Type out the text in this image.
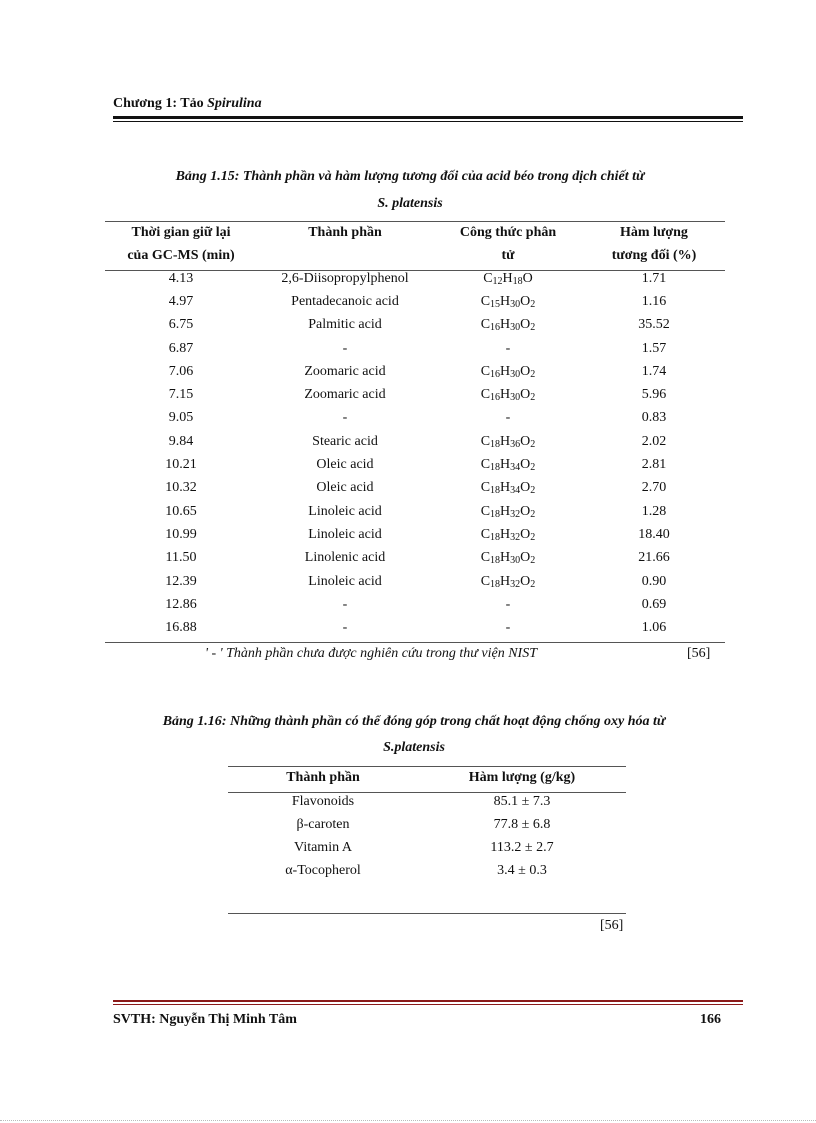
Chương 1: Tảo Spirulina
Bảng 1.15: Thành phần và hàm lượng tương đối của acid béo trong dịch chiết từ
S. platensis
Thời gian giữ lại	Thành phần	Công thức phân	Hàm lượng
của GC-MS (min)		tử	tương đối (%)
4.13	2,6-Diisopropylphenol	$C_{12}H_{18}O$	1.71
4.97	Pentadecanoic acid	$C_{15}H_{30}O_2$	1.16
6.75	Palmitic acid	$C_{16}H_{30}O_2$	35.52
6.87	-	-	1.57
7.06	Zoomaric acid	$C_{16}H_{30}O_2$	1.74
7.15	Zoomaric acid	$C_{16}H_{30}O_2$	5.96
9.05	-	-	0.83
9.84	Stearic acid	$C_{18}H_{36}O_2$	2.02
10.21	Oleic acid	$C_{18}H_{34}O_2$	2.81
10.32	Oleic acid	$C_{18}H_{34}O_2$	2.70
10.65	Linoleic acid	$C_{18}H_{32}O_2$	1.28
10.99	Linoleic acid	$C_{18}H_{32}O_2$	18.40
11.50	Linolenic acid	$C_{18}H_{30}O_2$	21.66
12.39	Linoleic acid	$C_{18}H_{32}O_2$	0.90
12.86	-	-	0.69
16.88	-	-	1.06
' - ' Thành phần chưa được nghiên cứu trong thư viện NIST	[56]
Bảng 1.16: Những thành phần có thể đóng góp trong chất hoạt động chống oxy hóa từ
S.platensis
Thành phần	Hàm lượng (g/kg)
Flavonoids	85.1 ± 7.3
β-caroten	77.8 ± 6.8
Vitamin A	113.2 ± 2.7
α-Tocopherol	3.4 ± 0.3
[56]
SVTH: Nguyễn Thị Minh Tâm	166
